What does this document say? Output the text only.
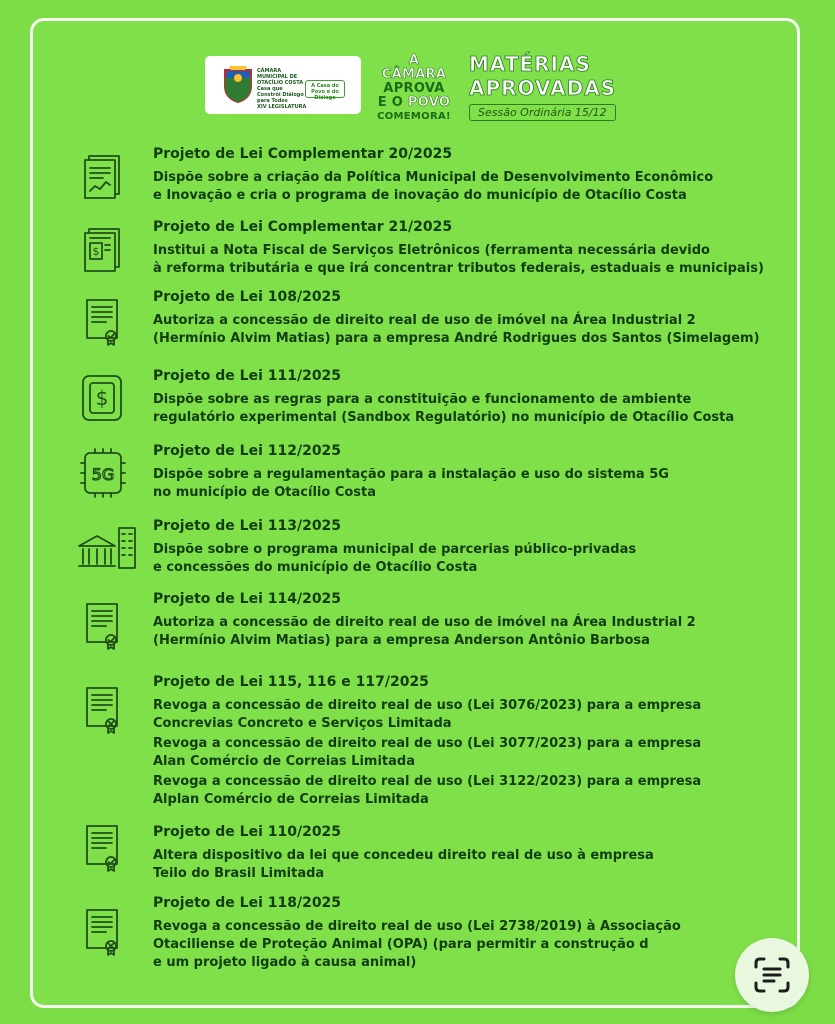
CÂMARA MUNICIPAL DE OTACÍLIO COSTA
Casa que Constrói Diálogo para Todos
XIV LEGISLATURA
A Casa do Povo e do Diálogo
A CÂMARA
APROVA
E O POVO
COMEMORA!
MATÉRIAS
APROVADAS
Sessão Ordinária 15/12
Projeto de Lei Complementar 20/2025

Dispõe sobre a criação da Política Municipal de Desenvolvimento Econômico

e Inovação e cria o programa de inovação do município de Otacílio Costa

$
Projeto de Lei Complementar 21/2025

Institui a Nota Fiscal de Serviços Eletrônicos (ferramenta necessária devido

à reforma tributária e que irá concentrar tributos federais, estaduais e municipais)

Projeto de Lei 108/2025

Autoriza a concessão de direito real de uso de imóvel na Área Industrial 2

(Hermínio Alvim Matias) para a empresa André Rodrigues dos Santos (Simelagem)

$
Projeto de Lei 111/2025

Dispõe sobre as regras para a constituição e funcionamento de ambiente

regulatório experimental (Sandbox Regulatório) no município de Otacílio Costa

5G
Projeto de Lei 112/2025

Dispõe sobre a regulamentação para a instalação e uso do sistema 5G

no município de Otacílio Costa

Projeto de Lei 113/2025

Dispõe sobre o programa municipal de parcerias público-privadas

e concessões do município de Otacílio Costa

Projeto de Lei 114/2025

Autoriza a concessão de direito real de uso de imóvel na Área Industrial 2

(Hermínio Alvim Matias) para a empresa Anderson Antônio Barbosa

Projeto de Lei 115, 116 e 117/2025

Revoga a concessão de direito real de uso (Lei 3076/2023) para a empresa

Concrevias Concreto e Serviços Limitada

Revoga a concessão de direito real de uso (Lei 3077/2023) para a empresa

Alan Comércio de Correias Limitada

Revoga a concessão de direito real de uso (Lei 3122/2023) para a empresa

Alplan Comércio de Correias Limitada

Projeto de Lei 110/2025

Altera dispositivo da lei que concedeu direito real de uso à empresa

Teilo do Brasil Limitada

Projeto de Lei 118/2025

Revoga a concessão de direito real de uso (Lei 2738/2019) à Associação

Otaciliense de Proteção Animal (OPA) (para permitir a construção d

e um projeto ligado à causa animal)
